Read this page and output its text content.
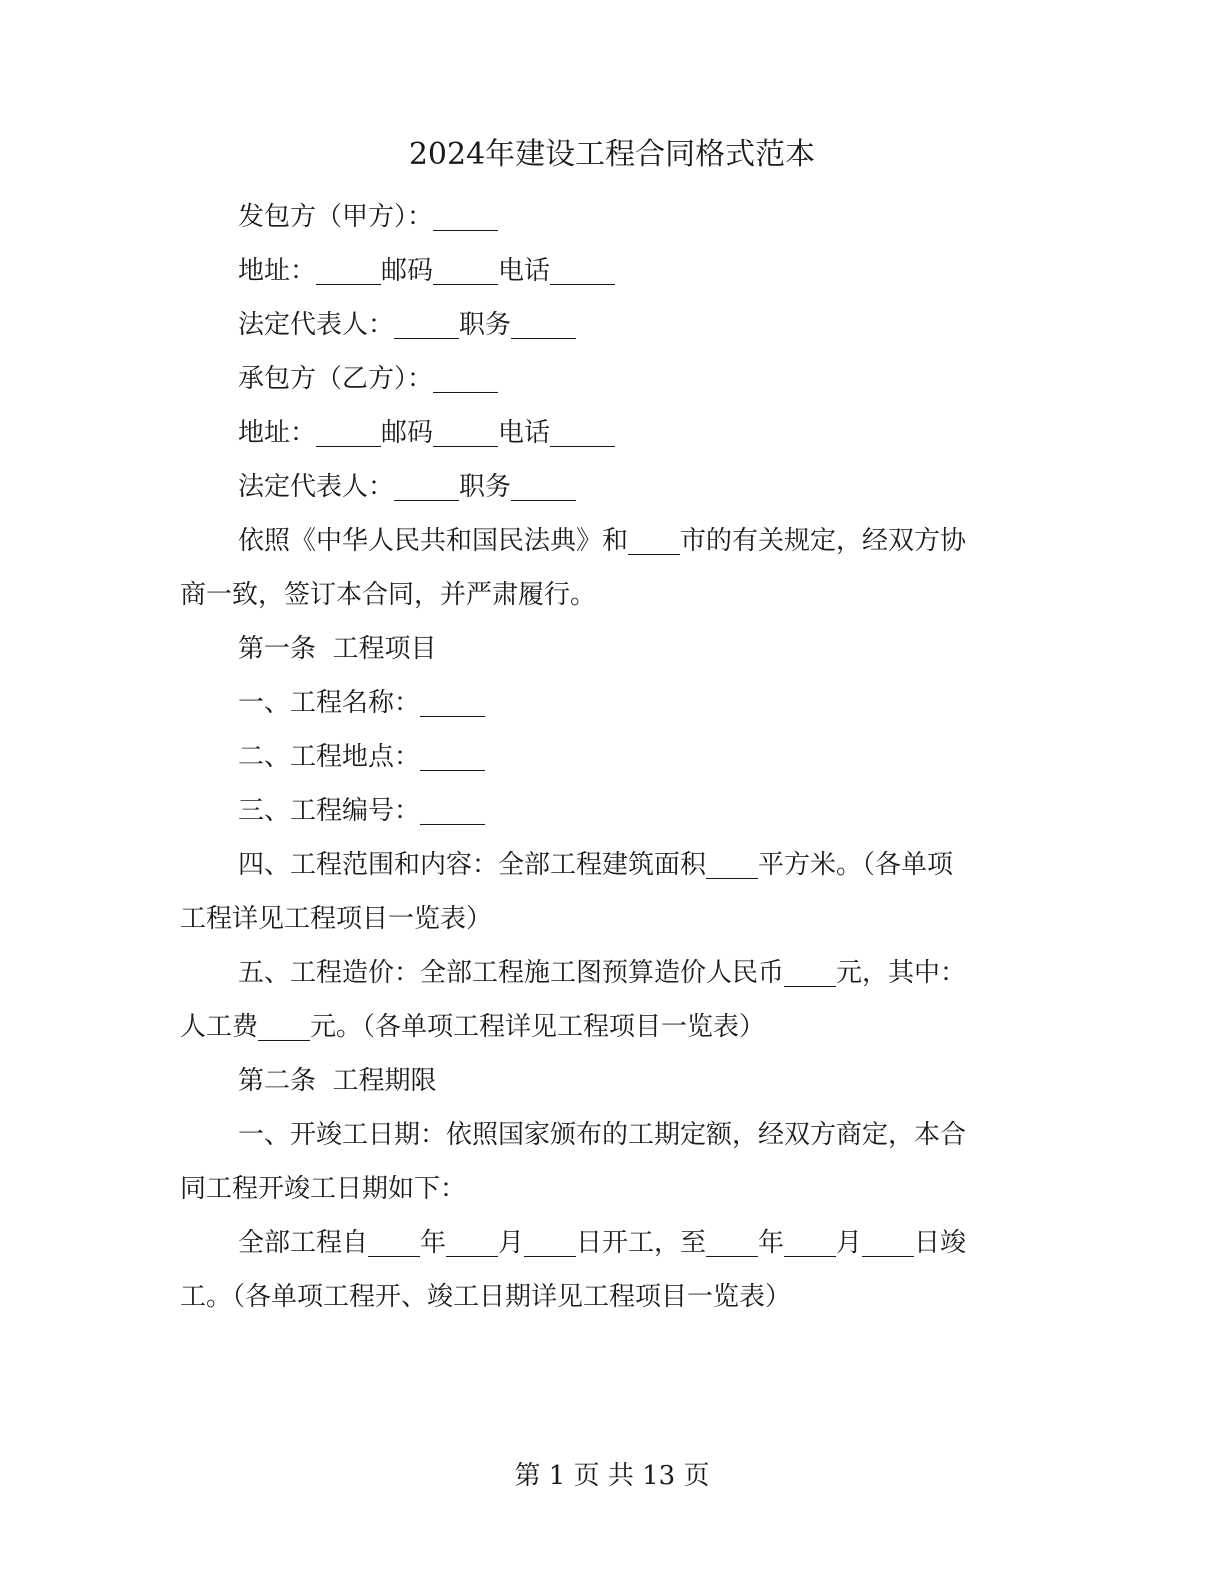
2024年建设工程合同格式范本
发包方（甲方）：_____
地址：_____邮码_____电话_____
法定代表人：_____职务_____
承包方（乙方）：_____
地址：_____邮码_____电话_____
法定代表人：_____职务_____
依照《中华人民共和国民法典》和____市的有关规定，经双方协
商一致，签订本合同，并严肃履行。
第一条  工程项目
一、工程名称：_____
二、工程地点：_____
三、工程编号：_____
四、工程范围和内容：全部工程建筑面积____平方米。（各单项
工程详见工程项目一览表）
五、工程造价：全部工程施工图预算造价人民币____元，其中：
人工费____元。（各单项工程详见工程项目一览表）
第二条  工程期限
一、开竣工日期：依照国家颁布的工期定额，经双方商定，本合
同工程开竣工日期如下：
全部工程自____年____月____日开工，至____年____月____日竣
工。（各单项工程开、竣工日期详见工程项目一览表）
第 1 页 共 13 页
